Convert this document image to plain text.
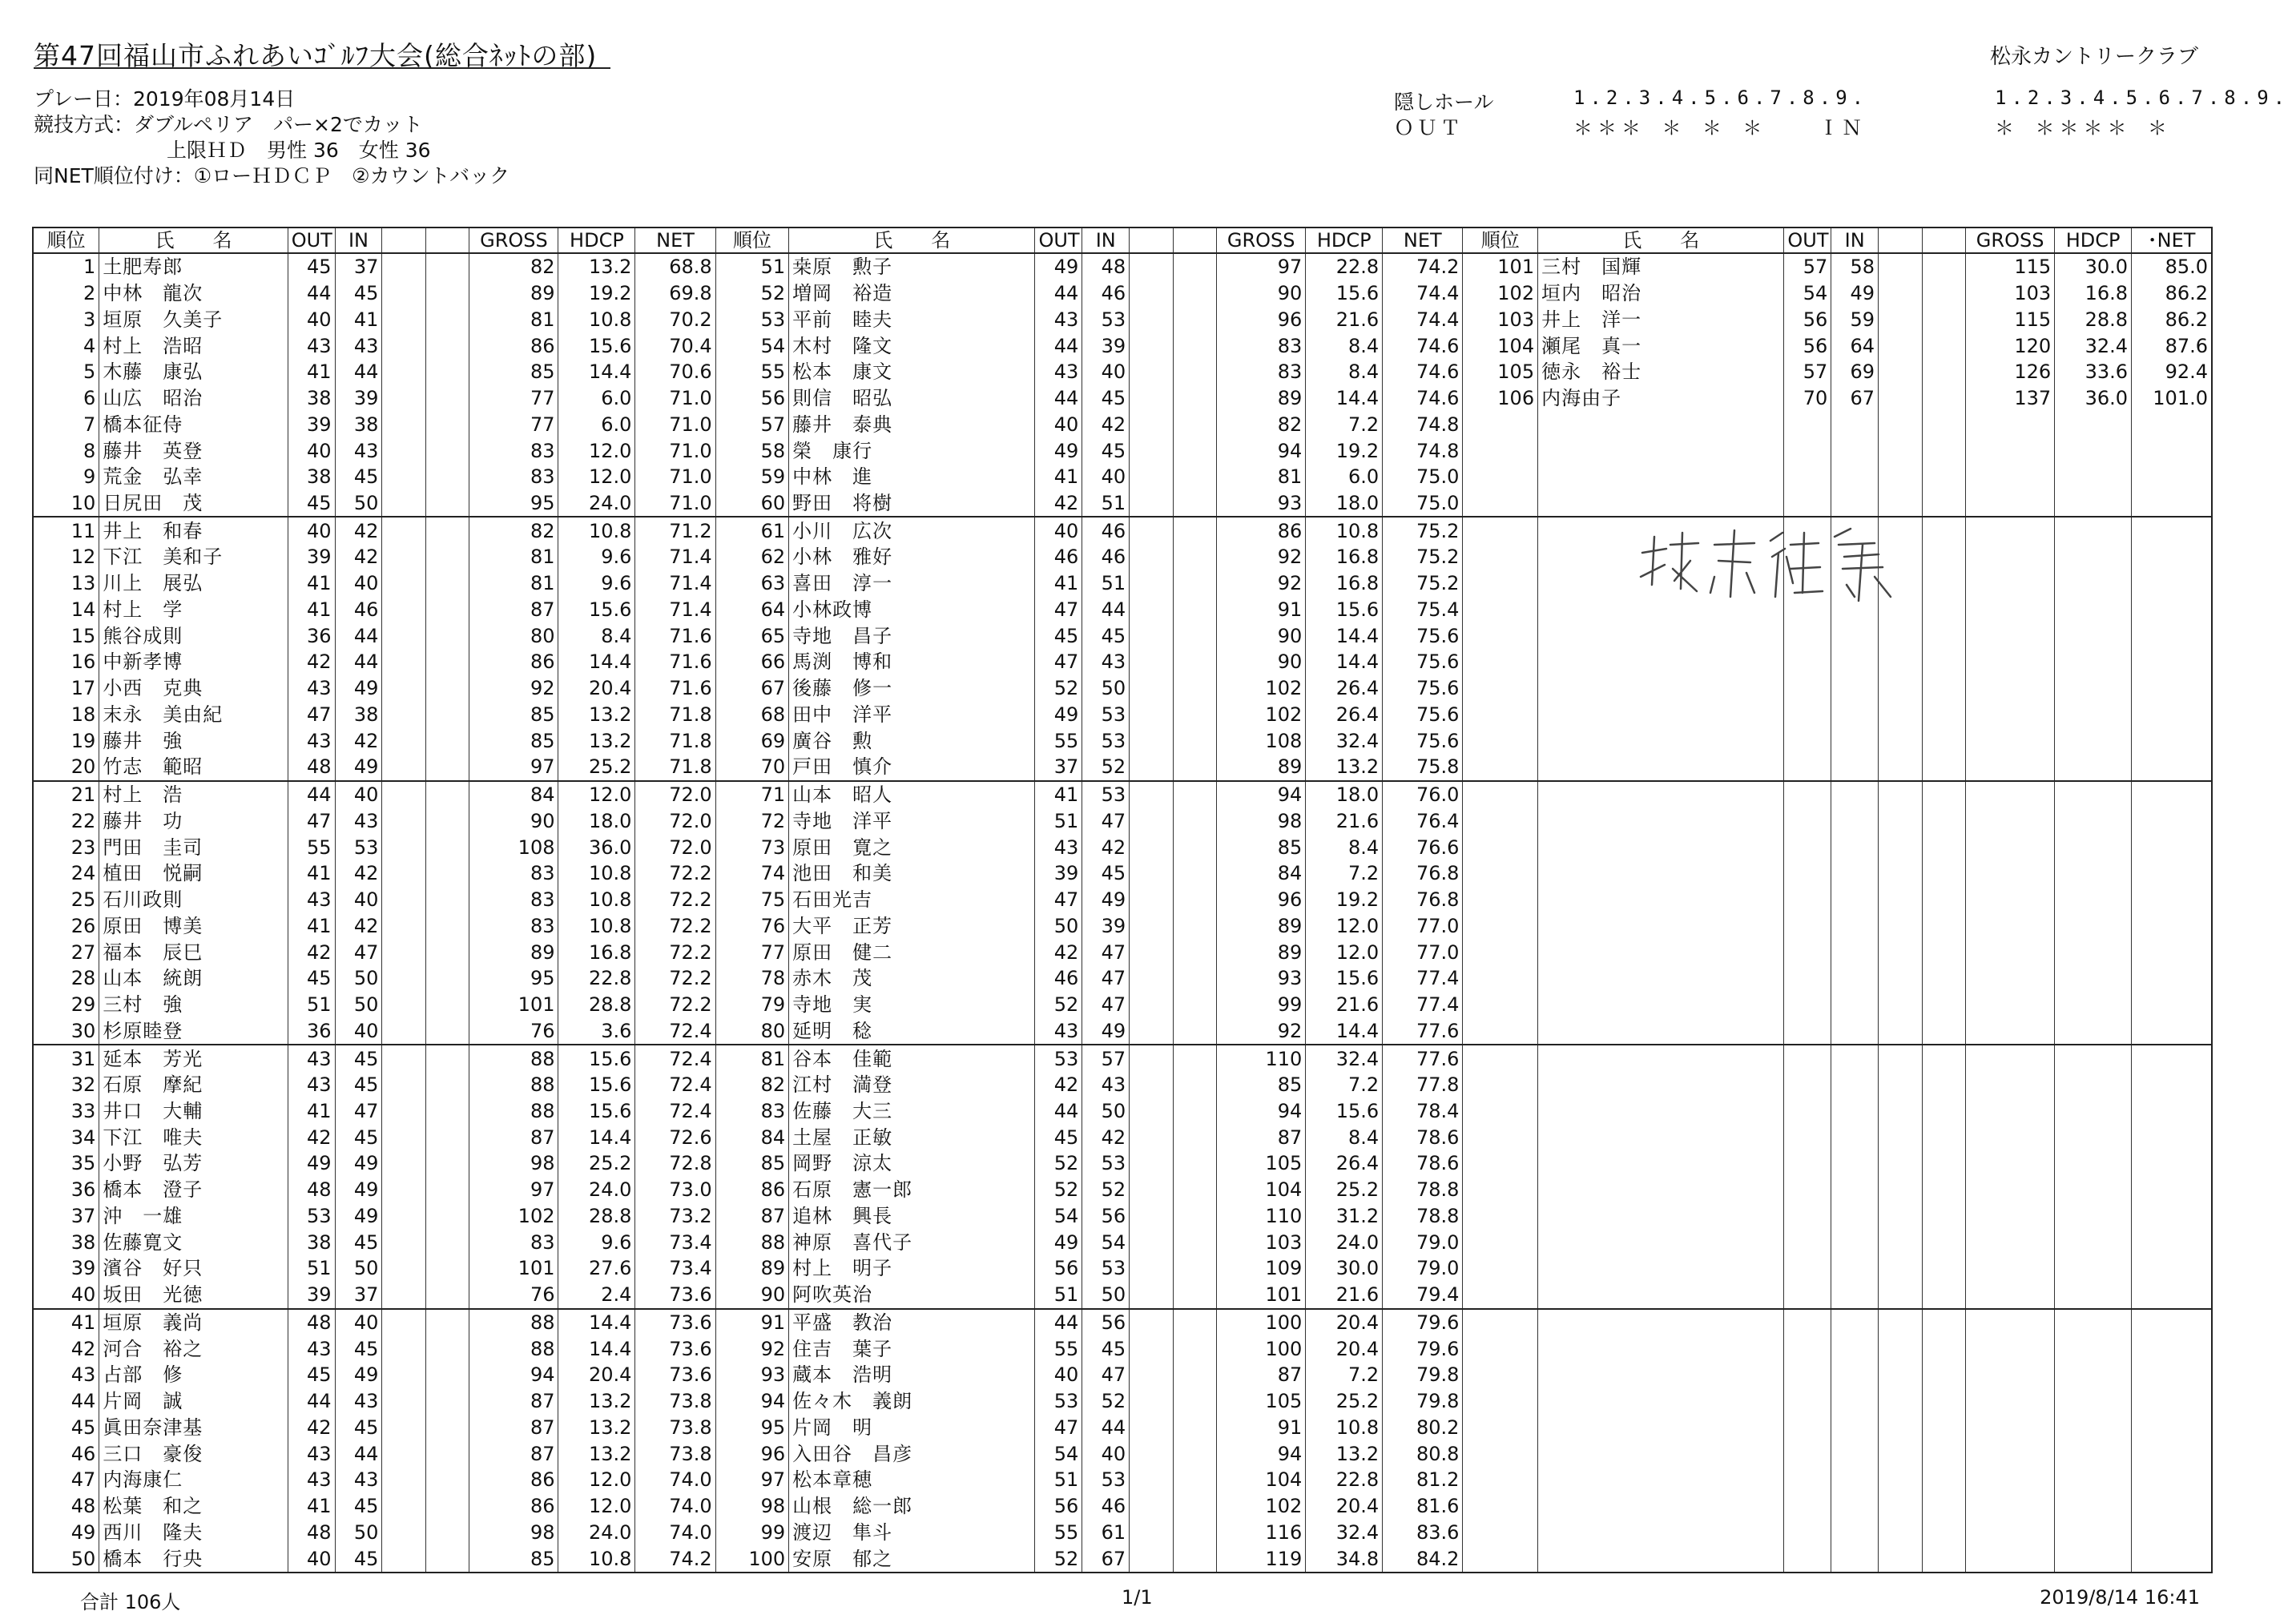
第47回福山市ふれあいｺﾞﾙﾌ大会(総合ﾈｯﾄの部)	松永カントリークラブ
プレー日：2019年08月14日
競技方式：ダブルペリア　パー×2でカット
上限ＨＤ　男性 36　女性 36
同NET順位付け：①ローＨＤＣＰ　②カウントバック
隠しホール
ＯＵＴ
1.2.3.4.5.6.7.8.9.
＊＊＊ ＊ ＊ ＊	ＩＮ
1.2.3.4.5.6.7.8.9.
＊ ＊＊＊＊ ＊
順位	氏　　名	OUT	IN			GROSS	HDCP	NET	順位	氏　　名	OUT	IN			GROSS	HDCP	NET	順位	氏　　名	OUT	IN			GROSS	HDCP	･NET
1	土肥寿郎	45	37			82	13.2	68.8	51	桒原　勲子	49	48			97	22.8	74.2	101	三村　国輝	57	58			115	30.0	85.0
2	中林　龍次	44	45			89	19.2	69.8	52	増岡　裕造	44	46			90	15.6	74.4	102	垣内　昭治	54	49			103	16.8	86.2
3	垣原　久美子	40	41			81	10.8	70.2	53	平前　睦夫	43	53			96	21.6	74.4	103	井上　洋一	56	59			115	28.8	86.2
4	村上　浩昭	43	43			86	15.6	70.4	54	木村　隆文	44	39			83	8.4	74.6	104	瀬尾　真一	56	64			120	32.4	87.6
5	木藤　康弘	41	44			85	14.4	70.6	55	松本　康文	43	40			83	8.4	74.6	105	徳永　裕士	57	69			126	33.6	92.4
6	山広　昭治	38	39			77	6.0	71.0	56	則信　昭弘	44	45			89	14.4	74.6	106	内海由子	70	67			137	36.0	101.0
7	橋本征侍	39	38			77	6.0	71.0	57	藤井　泰典	40	42			82	7.2	74.8									
8	藤井　英登	40	43			83	12.0	71.0	58	榮　康行	49	45			94	19.2	74.8									
9	荒金　弘幸	38	45			83	12.0	71.0	59	中林　進	41	40			81	6.0	75.0									
10	日尻田　茂	45	50			95	24.0	71.0	60	野田　将樹	42	51			93	18.0	75.0									
11	井上　和春	40	42			82	10.8	71.2	61	小川　広次	40	46			86	10.8	75.2									
12	下江　美和子	39	42			81	9.6	71.4	62	小林　雅好	46	46			92	16.8	75.2									
13	川上　展弘	41	40			81	9.6	71.4	63	喜田　淳一	41	51			92	16.8	75.2									
14	村上　学	41	46			87	15.6	71.4	64	小林政博	47	44			91	15.6	75.4									
15	熊谷成則	36	44			80	8.4	71.6	65	寺地　昌子	45	45			90	14.4	75.6									
16	中新孝博	42	44			86	14.4	71.6	66	馬渕　博和	47	43			90	14.4	75.6									
17	小西　克典	43	49			92	20.4	71.6	67	後藤　修一	52	50			102	26.4	75.6									
18	末永　美由紀	47	38			85	13.2	71.8	68	田中　洋平	49	53			102	26.4	75.6									
19	藤井　強	43	42			85	13.2	71.8	69	廣谷　勲	55	53			108	32.4	75.6									
20	竹志　範昭	48	49			97	25.2	71.8	70	戸田　慎介	37	52			89	13.2	75.8									
21	村上　浩	44	40			84	12.0	72.0	71	山本　昭人	41	53			94	18.0	76.0									
22	藤井　功	47	43			90	18.0	72.0	72	寺地　洋平	51	47			98	21.6	76.4									
23	門田　圭司	55	53			108	36.0	72.0	73	原田　寛之	43	42			85	8.4	76.6									
24	植田　悦嗣	41	42			83	10.8	72.2	74	池田　和美	39	45			84	7.2	76.8									
25	石川政則	43	40			83	10.8	72.2	75	石田光吉	47	49			96	19.2	76.8									
26	原田　博美	41	42			83	10.8	72.2	76	大平　正芳	50	39			89	12.0	77.0									
27	福本　辰巳	42	47			89	16.8	72.2	77	原田　健二	42	47			89	12.0	77.0									
28	山本　統朗	45	50			95	22.8	72.2	78	赤木　茂	46	47			93	15.6	77.4									
29	三村　強	51	50			101	28.8	72.2	79	寺地　実	52	47			99	21.6	77.4									
30	杉原睦登	36	40			76	3.6	72.4	80	延明　稔	43	49			92	14.4	77.6									
31	延本　芳光	43	45			88	15.6	72.4	81	谷本　佳範	53	57			110	32.4	77.6									
32	石原　摩紀	43	45			88	15.6	72.4	82	江村　満登	42	43			85	7.2	77.8									
33	井口　大輔	41	47			88	15.6	72.4	83	佐藤　大三	44	50			94	15.6	78.4									
34	下江　唯夫	42	45			87	14.4	72.6	84	土屋　正敏	45	42			87	8.4	78.6									
35	小野　弘芳	49	49			98	25.2	72.8	85	岡野　涼太	52	53			105	26.4	78.6									
36	橋本　澄子	48	49			97	24.0	73.0	86	石原　憲一郎	52	52			104	25.2	78.8									
37	沖　一雄	53	49			102	28.8	73.2	87	追林　興長	54	56			110	31.2	78.8									
38	佐藤寛文	38	45			83	9.6	73.4	88	神原　喜代子	49	54			103	24.0	79.0									
39	濱谷　好只	51	50			101	27.6	73.4	89	村上　明子	56	53			109	30.0	79.0									
40	坂田　光徳	39	37			76	2.4	73.6	90	阿吹英治	51	50			101	21.6	79.4									
41	垣原　義尚	48	40			88	14.4	73.6	91	平盛　教治	44	56			100	20.4	79.6									
42	河合　裕之	43	45			88	14.4	73.6	92	住吉　葉子	55	45			100	20.4	79.6									
43	占部　修	45	49			94	20.4	73.6	93	蔵本　浩明	40	47			87	7.2	79.8									
44	片岡　誠	44	43			87	13.2	73.8	94	佐々木　義朗	53	52			105	25.2	79.8									
45	眞田奈津基	42	45			87	13.2	73.8	95	片岡　明	47	44			91	10.8	80.2									
46	三口　豪俊	43	44			87	13.2	73.8	96	入田谷　昌彦	54	40			94	13.2	80.8									
47	内海康仁	43	43			86	12.0	74.0	97	松本章穂	51	53			104	22.8	81.2									
48	松葉　和之	41	45			86	12.0	74.0	98	山根　総一郎	56	46			102	20.4	81.6									
49	西川　隆夫	48	50			98	24.0	74.0	99	渡辺　隼斗	55	61			116	32.4	83.6									
50	橋本　行央	40	45			85	10.8	74.2	100	安原　郁之	52	67			119	34.8	84.2									
合計 106人	1/1	2019/8/14 16:41
